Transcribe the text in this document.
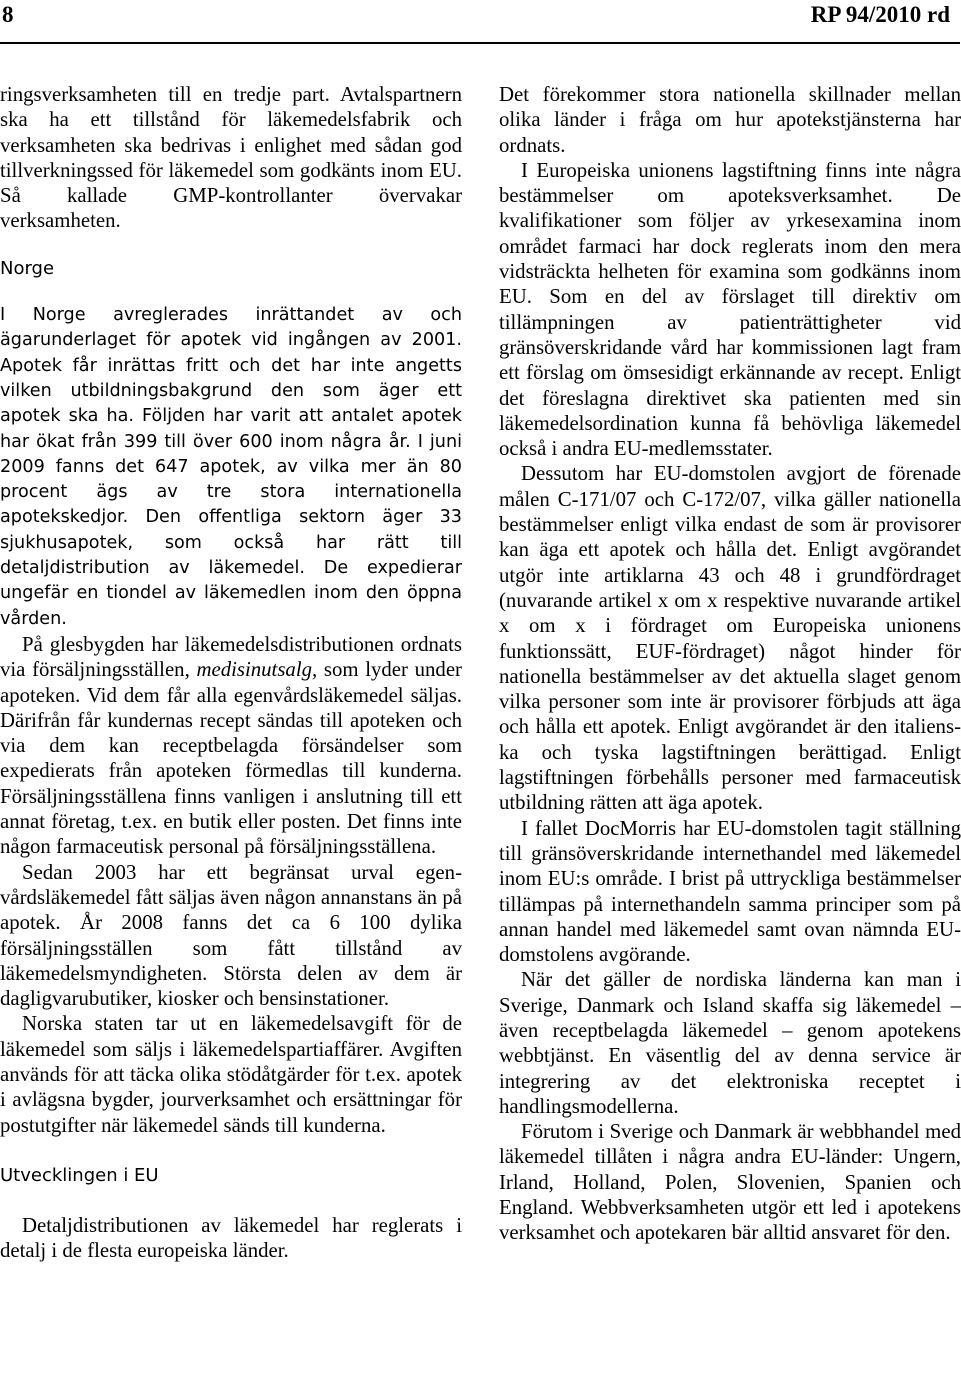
8	RP 94/2010 rd

ringsverksamheten till en tredje part. Avtalspartnern ska ha ett tillstånd för läkemedelsfabrik och verksamheten ska bedrivas i enlighet med sådan god tillverkningssed för läkemedel som godkänts inom EU. Så kallade GMP-kontrollanter övervakar verksamheten.

Norge

I Norge avreglerades inrättandet av och ägarunderlaget för apotek vid ingången av 2001. Apotek får inrättas fritt och det har inte angetts vilken utbildningsbakgrund den som äger ett apotek ska ha. Följden har varit att antalet apotek har ökat från 399 till över 600 inom några år. I juni 2009 fanns det 647 apotek, av vilka mer än 80 procent ägs av tre stora internationella apotekskedjor. Den offentliga sektorn äger 33 sjukhusapotek, som också har rätt till detaljdistribution av läkemedel. De expedierar ungefär en tiondel av läkemedlen inom den öppna vården.

På glesbygden har läkemedelsdistributionen ordnats via försäljningsställen, medisinutsalg, som lyder under apoteken. Vid dem får alla egenvårdsläkemedel säljas. Därifrån får kundernas recept sändas till apoteken och via dem kan receptbelagda försändelser som expedierats från apoteken förmedlas till kunderna. Försäljningsställena finns vanligen i anslutning till ett annat företag, t.ex. en butik eller posten. Det finns inte någon farmaceutisk personal på försäljningsställena.

Sedan 2003 har ett begränsat urval egenvårdsläkemedel fått säljas även någon annanstans än på apotek. År 2008 fanns det ca 6 100 dylika försäljningsställen som fått tillstånd av läkemedelsmyndigheten. Största delen av dem är dagligvarubutiker, kiosker och bensinstationer.

Norska staten tar ut en läkemedelsavgift för de läkemedel som säljs i läkemedelspartiaffärer. Avgiften används för att täcka olika stödåtgärder för t.ex. apotek i avlägsna bygder, jourverksamhet och ersättningar för postutgifter när läkemedel sänds till kunderna.

Utvecklingen i EU

Detaljdistributionen av läkemedel har reglerats i detalj i de flesta europeiska länder.

Det förekommer stora nationella skillnader mellan olika länder i fråga om hur apotekstjänsterna har ordnats.

I Europeiska unionens lagstiftning finns inte några bestämmelser om apoteksverksamhet. De kvalifikationer som följer av yrkesexamina inom området farmaci har dock reglerats inom den mera vidsträckta helheten för examina som godkänns inom EU. Som en del av förslaget till direktiv om tillämpningen av patienträttigheter vid gränsöverskridande vård har kommissionen lagt fram ett förslag om ömsesidigt erkännande av recept. Enligt det föreslagna direktivet ska patienten med sin läkemedelsordination kunna få behövliga läkemedel också i andra EU-medlemsstater.

Dessutom har EU-domstolen avgjort de förenade målen C-171/07 och C-172/07, vilka gäller nationella bestämmelser enligt vilka endast de som är provisorer kan äga ett apotek och hålla det. Enligt avgörandet utgör inte artiklarna 43 och 48 i grundfördraget (nuvarande artikel x om x respektive nuvarande artikel x om x i fördraget om Europeiska unionens funktionssätt, EUF-fördraget) något hinder för nationella bestämmelser av det aktuella slaget genom vilka personer som inte är provisorer förbjuds att äga och hålla ett apotek. Enligt avgörandet är den italienska och tyska lagstiftningen berättigad. Enligt lagstiftningen förbehålls personer med farmaceutisk utbildning rätten att äga apotek.

I fallet DocMorris har EU-domstolen tagit ställning till gränsöverskridande internethandel med läkemedel inom EU:s område. I brist på uttryckliga bestämmelser tillämpas på internethandeln samma principer som på annan handel med läkemedel samt ovan nämnda EU-domstolens avgörande.

När det gäller de nordiska länderna kan man i Sverige, Danmark och Island skaffa sig läkemedel – även receptbelagda läkemedel – genom apotekens webbtjänst. En väsentlig del av denna service är integrering av det elektroniska receptet i handlingsmodellerna.

Förutom i Sverige och Danmark är webbhandel med läkemedel tillåten i några andra EU-länder: Ungern, Irland, Holland, Polen, Slovenien, Spanien och England. Webbverksamheten utgör ett led i apotekens verksamhet och apotekaren bär alltid ansvaret för den.
